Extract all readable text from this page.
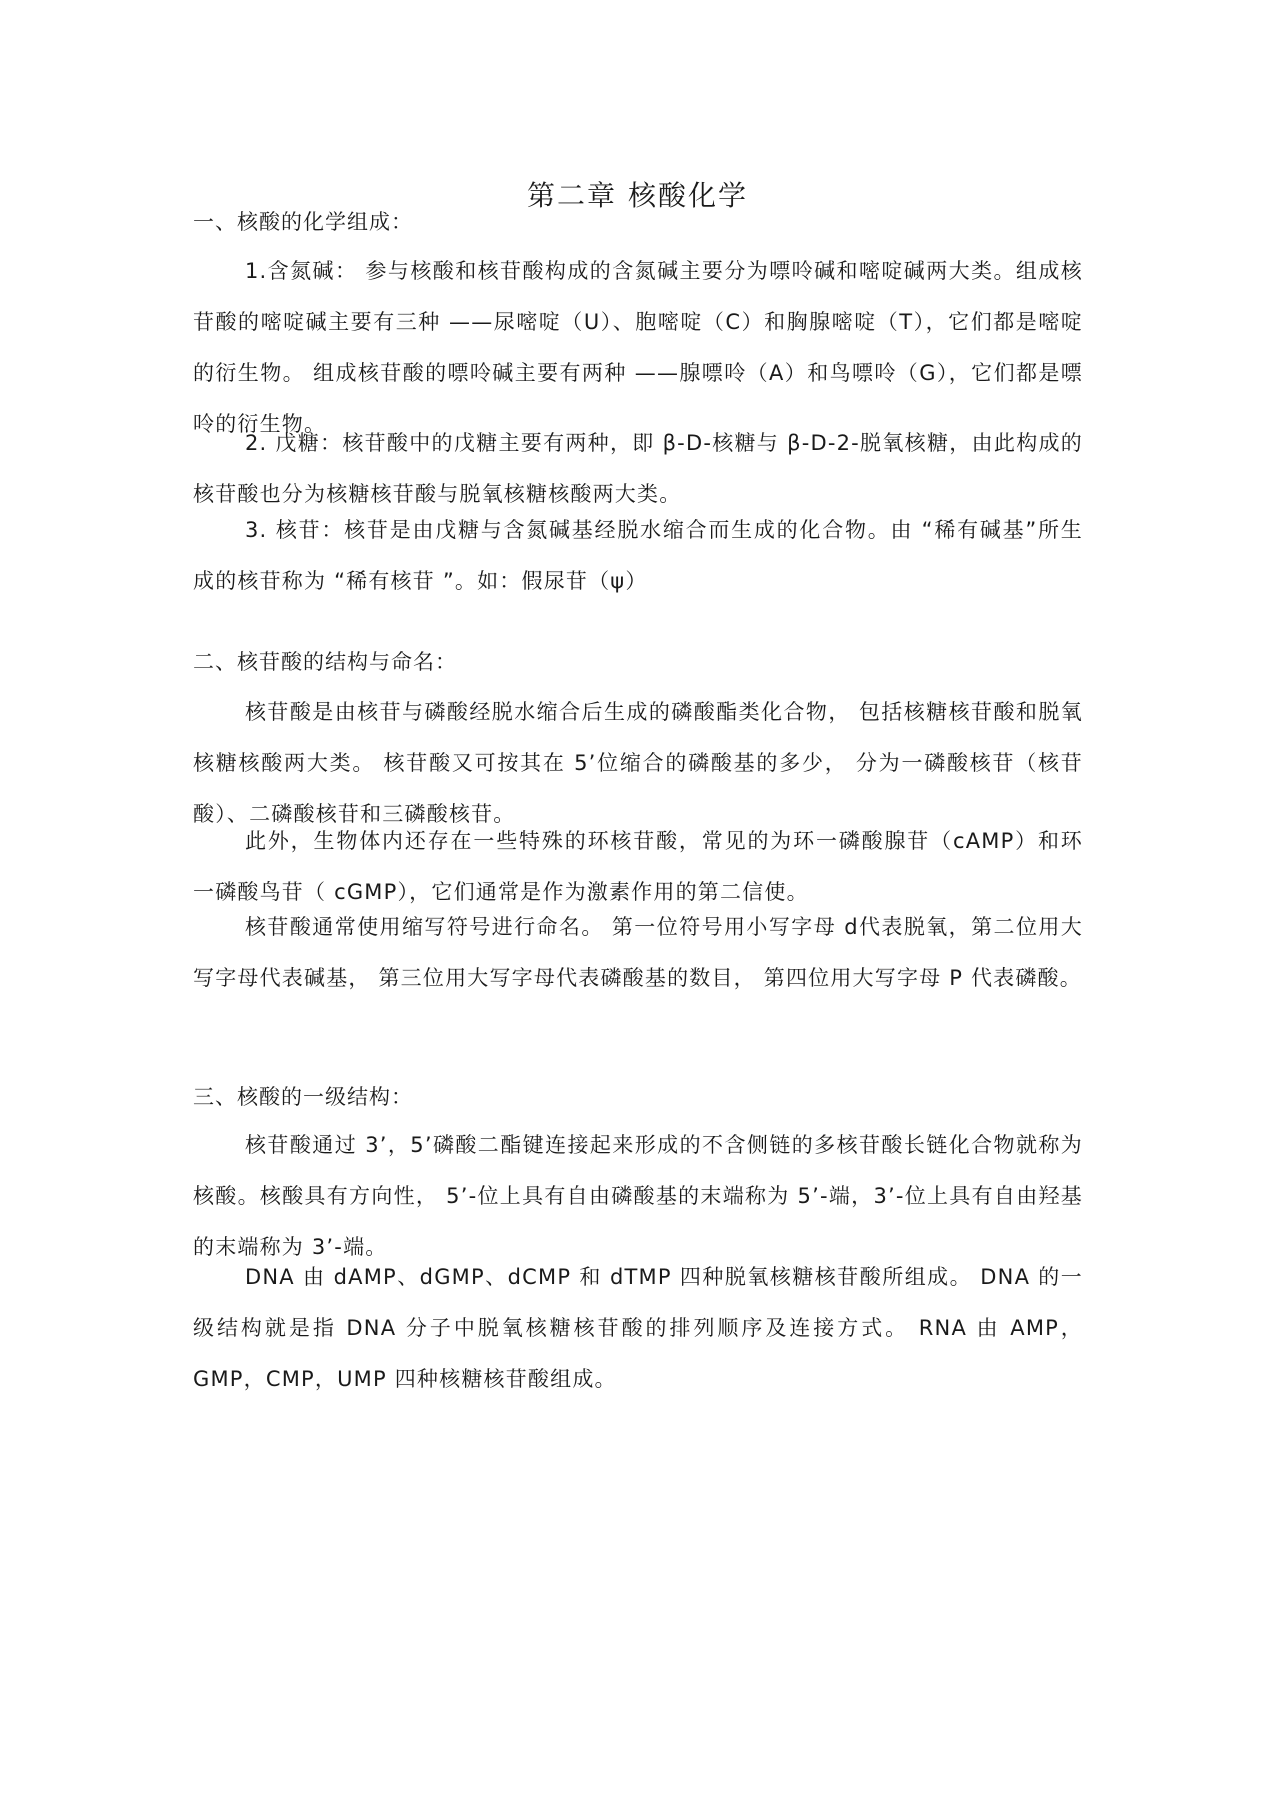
第二章 核酸化学
一、核酸的化学组成：

1.含氮碱： 参与核酸和核苷酸构成的含氮碱主要分为嘌呤碱和嘧啶碱两大类。组成核苷酸的嘧啶碱主要有三种 ——尿嘧啶（U）、胞嘧啶（C）和胸腺嘧啶（T），它们都是嘧啶的衍生物。 组成核苷酸的嘌呤碱主要有两种 ——腺嘌呤（A）和鸟嘌呤（G），它们都是嘌呤的衍生物。

2. 戊糖：核苷酸中的戊糖主要有两种，即 β-D-核糖与 β-D-2-脱氧核糖，由此构成的核苷酸也分为核糖核苷酸与脱氧核糖核酸两大类。

3. 核苷：核苷是由戊糖与含氮碱基经脱水缩合而生成的化合物。由 “稀有碱基”所生成的核苷称为 “稀有核苷 ”。如：假尿苷（ψ）

二、核苷酸的结构与命名：

核苷酸是由核苷与磷酸经脱水缩合后生成的磷酸酯类化合物， 包括核糖核苷酸和脱氧核糖核酸两大类。 核苷酸又可按其在 5’位缩合的磷酸基的多少， 分为一磷酸核苷（核苷酸）、二磷酸核苷和三磷酸核苷。

此外，生物体内还存在一些特殊的环核苷酸，常见的为环一磷酸腺苷（cAMP）和环一磷酸鸟苷（ cGMP），它们通常是作为激素作用的第二信使。

核苷酸通常使用缩写符号进行命名。 第一位符号用小写字母 d代表脱氧，第二位用大写字母代表碱基， 第三位用大写字母代表磷酸基的数目， 第四位用大写字母 P 代表磷酸。

三、核酸的一级结构：

核苷酸通过 3’，5’磷酸二酯键连接起来形成的不含侧链的多核苷酸长链化合物就称为核酸。核酸具有方向性， 5’-位上具有自由磷酸基的末端称为 5’-端，3’-位上具有自由羟基的末端称为 3’-端。

DNA 由 dAMP、dGMP、dCMP 和 dTMP 四种脱氧核糖核苷酸所组成。 DNA 的一级结构就是指 DNA 分子中脱氧核糖核苷酸的排列顺序及连接方式。 RNA 由 AMP，GMP，CMP，UMP 四种核糖核苷酸组成。
